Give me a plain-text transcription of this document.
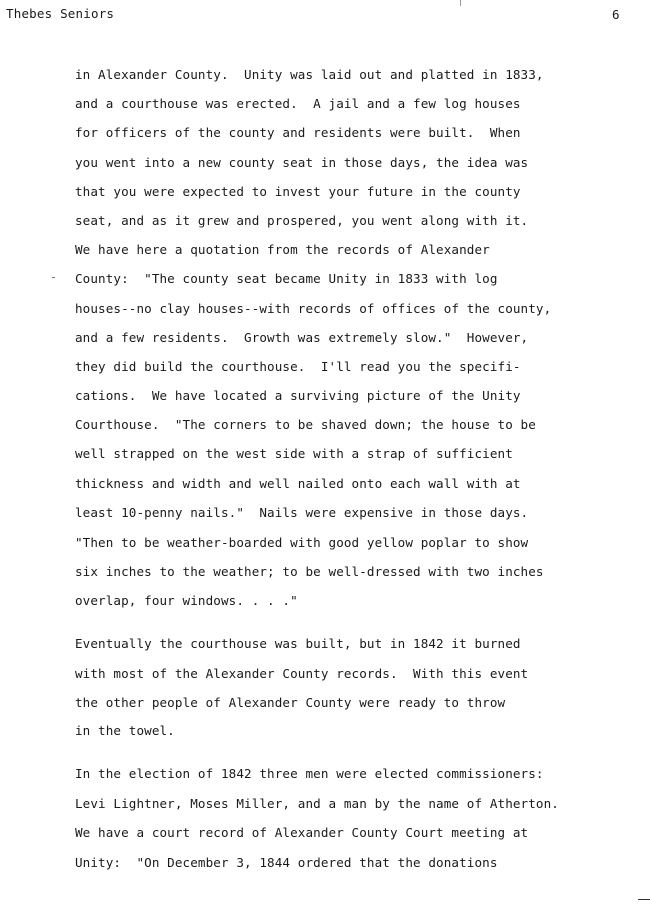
Thebes Seniors	6
in Alexander County.  Unity was laid out and platted in 1833,
and a courthouse was erected.  A jail and a few log houses
for officers of the county and residents were built.  When
you went into a new county seat in those days, the idea was
that you were expected to invest your future in the county
seat, and as it grew and prospered, you went along with it.
We have here a quotation from the records of Alexander
County:  "The county seat became Unity in 1833 with log
houses--no clay houses--with records of offices of the county,
and a few residents.  Growth was extremely slow."  However,
they did build the courthouse.  I'll read you the specifi-
cations.  We have located a surviving picture of the Unity
Courthouse.  "The corners to be shaved down; the house to be
well strapped on the west side with a strap of sufficient
thickness and width and well nailed onto each wall with at
least 10-penny nails."  Nails were expensive in those days.
"Then to be weather-boarded with good yellow poplar to show
six inches to the weather; to be well-dressed with two inches
overlap, four windows. . . ."
Eventually the courthouse was built, but in 1842 it burned
with most of the Alexander County records.  With this event
the other people of Alexander County were ready to throw
in the towel.
In the election of 1842 three men were elected commissioners:
Levi Lightner, Moses Miller, and a man by the name of Atherton.
We have a court record of Alexander County Court meeting at
Unity:  "On December 3, 1844 ordered that the donations
